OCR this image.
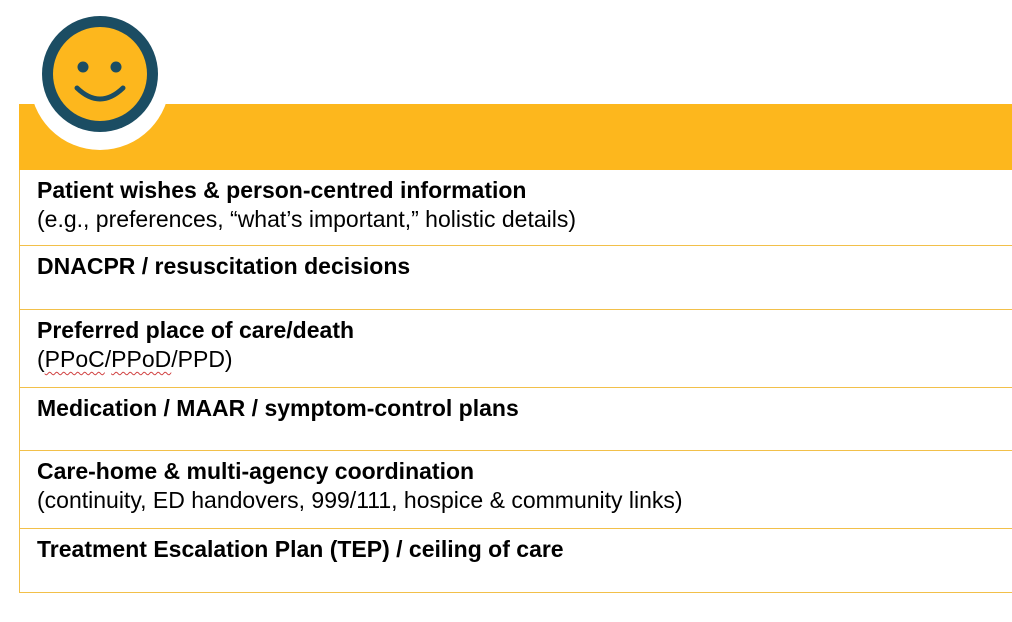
Patient wishes & person-centred information
(e.g., preferences, “what’s important,” holistic details)
DNACPR / resuscitation decisions
Preferred place of care/death
(PPoC/PPoD/PPD)
Medication / MAAR / symptom-control plans
Care-home & multi-agency coordination
(continuity, ED handovers, 999/111, hospice & community links)
Treatment Escalation Plan (TEP) / ceiling of care
